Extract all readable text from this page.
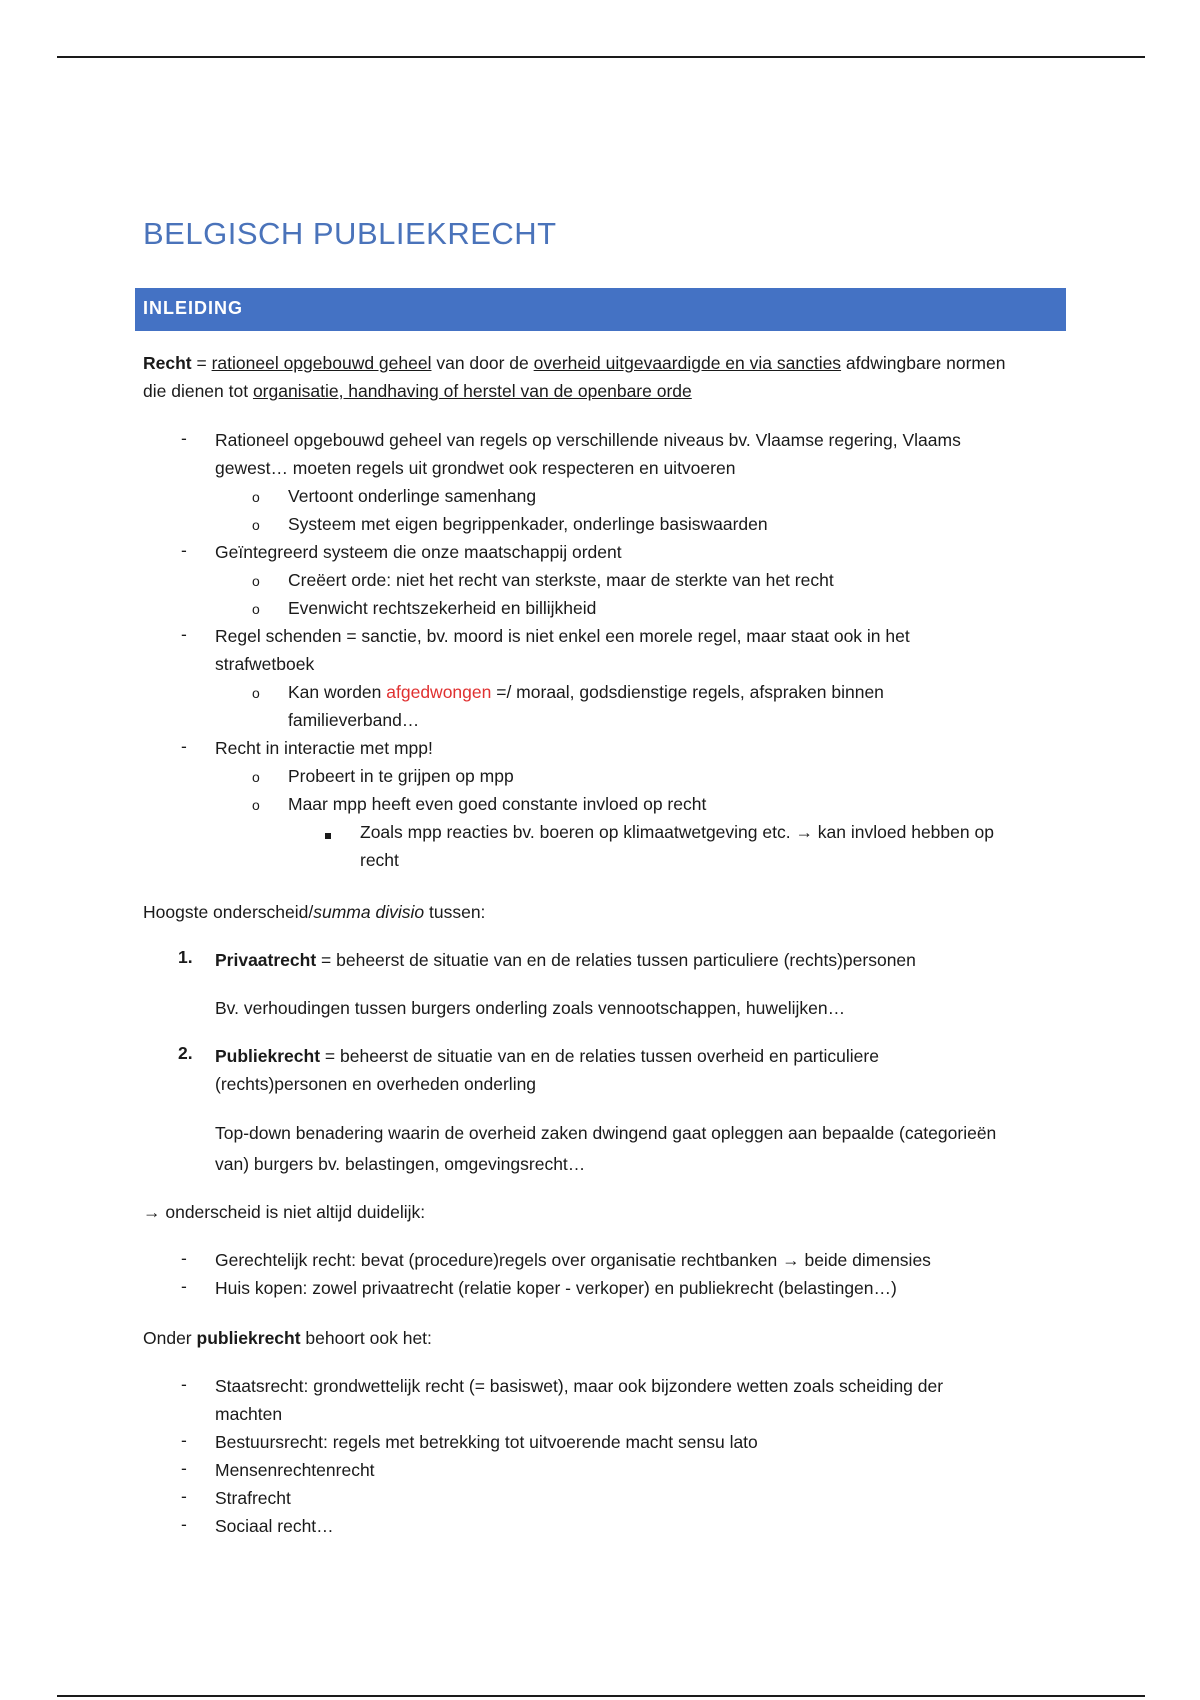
BELGISCH PUBLIEKRECHT
INLEIDING
Recht = rationeel opgebouwd geheel van door de overheid uitgevaardigde en via sancties afdwingbare normen
die dienen tot organisatie, handhaving of herstel van de openbare orde
- Rationeel opgebouwd geheel van regels op verschillende niveaus bv. Vlaamse regering, Vlaams
gewest… moeten regels uit grondwet ook respecteren en uitvoeren
o Vertoont onderlinge samenhang
o Systeem met eigen begrippenkader, onderlinge basiswaarden
- Geïntegreerd systeem die onze maatschappij ordent
o Creëert orde: niet het recht van sterkste, maar de sterkte van het recht
o Evenwicht rechtszekerheid en billijkheid
- Regel schenden = sanctie, bv. moord is niet enkel een morele regel, maar staat ook in het
strafwetboek
o Kan worden afgedwongen =/ moraal, godsdienstige regels, afspraken binnen
familieverband…
- Recht in interactie met mpp!
o Probeert in te grijpen op mpp
o Maar mpp heeft even goed constante invloed op recht
Zoals mpp reacties bv. boeren op klimaatwetgeving etc. → kan invloed hebben op
recht
Hoogste onderscheid/summa divisio tussen:
1. Privaatrecht = beheerst de situatie van en de relaties tussen particuliere (rechts)personen
Bv. verhoudingen tussen burgers onderling zoals vennootschappen, huwelijken…
2. Publiekrecht = beheerst de situatie van en de relaties tussen overheid en particuliere
(rechts)personen en overheden onderling
Top-down benadering waarin de overheid zaken dwingend gaat opleggen aan bepaalde (categorieën
van) burgers bv. belastingen, omgevingsrecht…
→ onderscheid is niet altijd duidelijk:
- Gerechtelijk recht: bevat (procedure)regels over organisatie rechtbanken → beide dimensies
- Huis kopen: zowel privaatrecht (relatie koper - verkoper) en publiekrecht (belastingen…)
Onder publiekrecht behoort ook het:
- Staatsrecht: grondwettelijk recht (= basiswet), maar ook bijzondere wetten zoals scheiding der
machten
- Bestuursrecht: regels met betrekking tot uitvoerende macht sensu lato
- Mensenrechtenrecht
- Strafrecht
- Sociaal recht…
